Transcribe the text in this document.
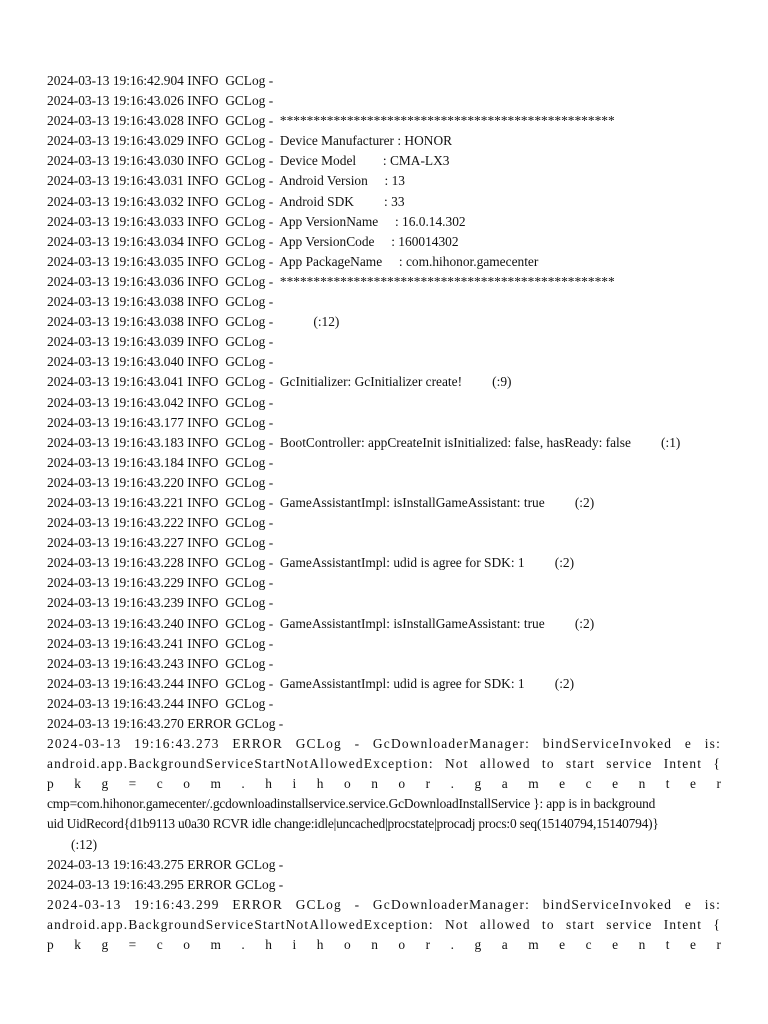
2024-03-13 19:16:42.904 INFO  GCLog -
2024-03-13 19:16:43.026 INFO  GCLog -
2024-03-13 19:16:43.028 INFO  GCLog - **************************************************
2024-03-13 19:16:43.029 INFO  GCLog - Device Manufacturer : HONOR
2024-03-13 19:16:43.030 INFO  GCLog - Device Model        : CMA-LX3
2024-03-13 19:16:43.031 INFO  GCLog - Android Version     : 13
2024-03-13 19:16:43.032 INFO  GCLog - Android SDK         : 33
2024-03-13 19:16:43.033 INFO  GCLog - App VersionName     : 16.0.14.302
2024-03-13 19:16:43.034 INFO  GCLog - App VersionCode     : 160014302
2024-03-13 19:16:43.035 INFO  GCLog - App PackageName     : com.hihonor.gamecenter
2024-03-13 19:16:43.036 INFO  GCLog - **************************************************
2024-03-13 19:16:43.038 INFO  GCLog -
2024-03-13 19:16:43.038 INFO  GCLog -            (:12)
2024-03-13 19:16:43.039 INFO  GCLog -
2024-03-13 19:16:43.040 INFO  GCLog -
2024-03-13 19:16:43.041 INFO  GCLog - GcInitializer: GcInitializer create!         (:9)
2024-03-13 19:16:43.042 INFO  GCLog -
2024-03-13 19:16:43.177 INFO  GCLog -
2024-03-13 19:16:43.183 INFO  GCLog - BootController: appCreateInit isInitialized: false, hasReady: false         (:1)
2024-03-13 19:16:43.184 INFO  GCLog -
2024-03-13 19:16:43.220 INFO  GCLog -
2024-03-13 19:16:43.221 INFO  GCLog - GameAssistantImpl: isInstallGameAssistant: true         (:2)
2024-03-13 19:16:43.222 INFO  GCLog -
2024-03-13 19:16:43.227 INFO  GCLog -
2024-03-13 19:16:43.228 INFO  GCLog - GameAssistantImpl: udid is agree for SDK: 1         (:2)
2024-03-13 19:16:43.229 INFO  GCLog -
2024-03-13 19:16:43.239 INFO  GCLog -
2024-03-13 19:16:43.240 INFO  GCLog - GameAssistantImpl: isInstallGameAssistant: true         (:2)
2024-03-13 19:16:43.241 INFO  GCLog -
2024-03-13 19:16:43.243 INFO  GCLog -
2024-03-13 19:16:43.244 INFO  GCLog - GameAssistantImpl: udid is agree for SDK: 1         (:2)
2024-03-13 19:16:43.244 INFO  GCLog -
2024-03-13 19:16:43.270 ERROR GCLog -
2024-03-13 19:16:43.273 ERROR GCLog - GcDownloaderManager: bindServiceInvoked e is:
android.app.BackgroundServiceStartNotAllowedException: Not allowed to start service Intent {
p k g = c o m . h i h o n o r . g a m e c e n t e r
cmp=com.hihonor.gamecenter/.gcdownloadinstallservice.service.GcDownloadInstallService }: app is in background
uid UidRecord{d1b9113 u0a30 RCVR idle change:idle|uncached|procstate|procadj procs:0 seq(15140794,15140794)}
(:12)
2024-03-13 19:16:43.275 ERROR GCLog -
2024-03-13 19:16:43.295 ERROR GCLog -
2024-03-13 19:16:43.299 ERROR GCLog - GcDownloaderManager: bindServiceInvoked e is:
android.app.BackgroundServiceStartNotAllowedException: Not allowed to start service Intent {
p k g = c o m . h i h o n o r . g a m e c e n t e r
